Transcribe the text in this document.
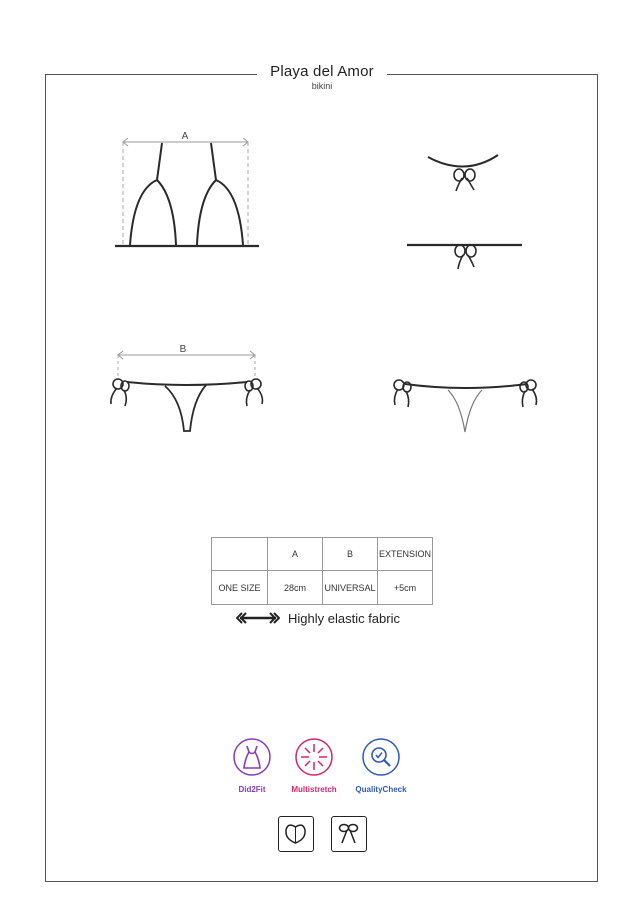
Playa del Amor
bikini
A
B
	A	B	EXTENSION
ONE SIZE	28cm	UNIVERSAL	+5cm
Highly elastic fabric
Did2Fit	Multistretch	QualityCheck
